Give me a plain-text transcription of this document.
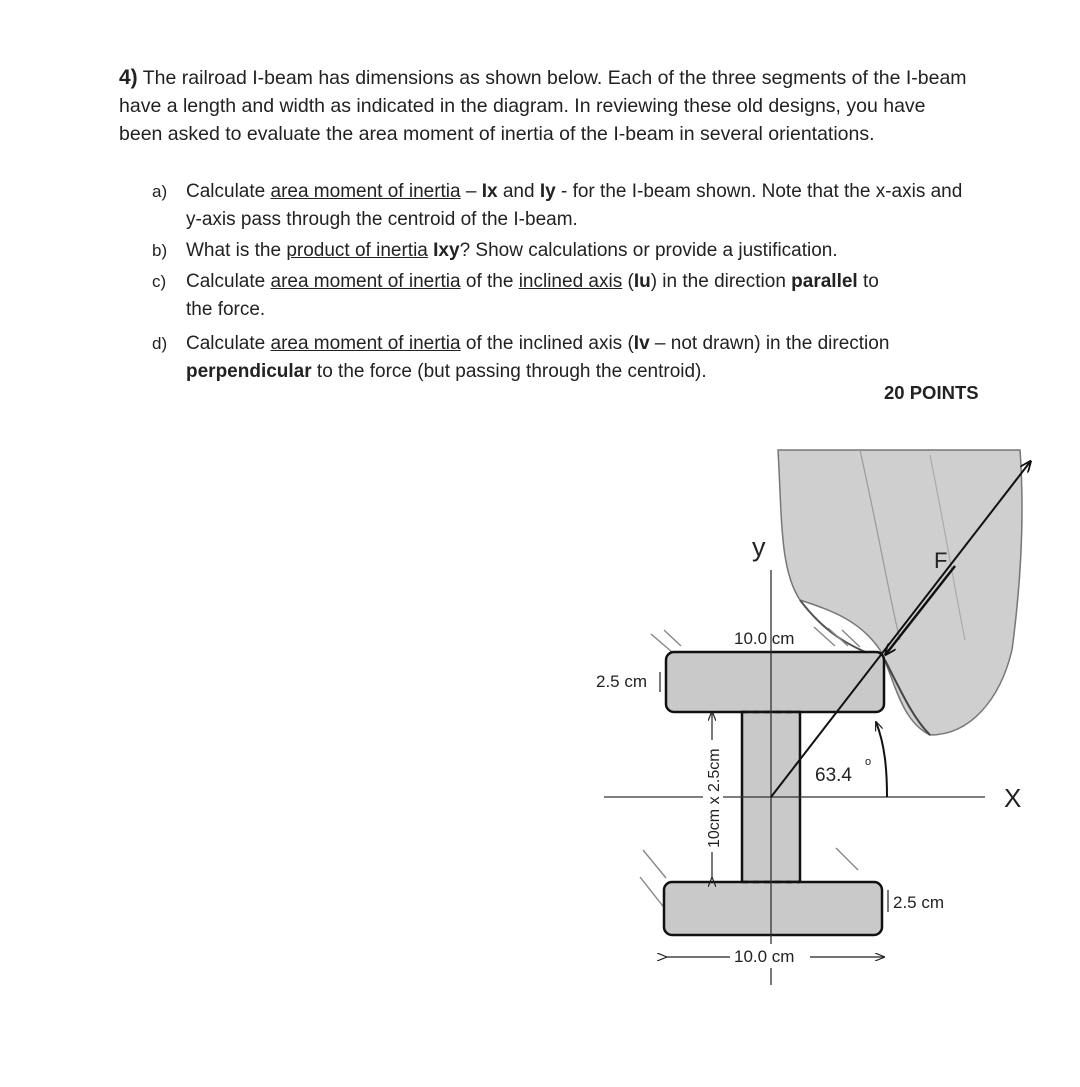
4) The railroad I-beam has dimensions as shown below. Each of the three segments of the I-beam have a length and width as indicated in the diagram. In reviewing these old designs, you have been asked to evaluate the area moment of inertia of the I-beam in several orientations.
a) Calculate area moment of inertia – Ix and Iy - for the I-beam shown. Note that the x-axis and y-axis pass through the centroid of the I-beam.
b) What is the product of inertia Ixy? Show calculations or provide a justification.
c) Calculate area moment of inertia of the inclined axis (Iu) in the direction parallel to the force.
d) Calculate area moment of inertia of the inclined axis (Iv – not drawn) in the direction perpendicular to the force (but passing through the centroid).
20 POINTS
y
X
F
10.0 cm
2.5 cm
63.4
o
2.5 cm
10.0 cm
10cm x 2.5cm
